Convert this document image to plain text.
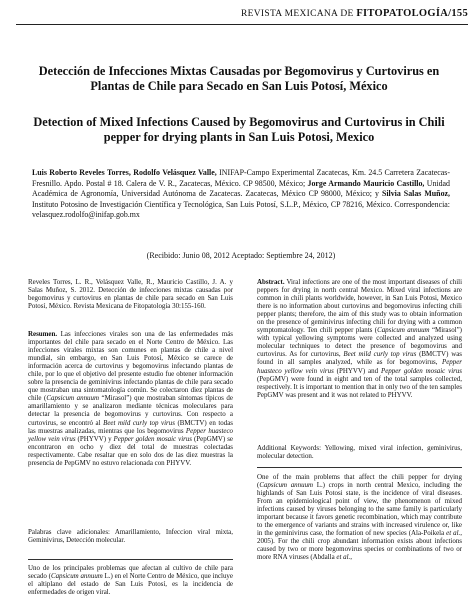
REVISTA MEXICANA DE FITOPATOLOGÍA/155
Detección de Infecciones Mixtas Causadas por Begomovirus y Curtovirus en Plantas de Chile para Secado en San Luis Potosí, México
Detection of Mixed Infections Caused by Begomovirus and Curtovirus in Chili pepper for drying plants in San Luis Potosi, Mexico
Luis Roberto Reveles Torres, Rodolfo Velásquez Valle, INIFAP-Campo Experimental Zacatecas, Km. 24.5 Carretera Zacatecas-Fresnillo. Apdo. Postal # 18. Calera de V. R., Zacatecas, México. CP 98500, México; Jorge Armando Mauricio Castillo, Unidad Académica de Agronomía, Universidad Autónoma de Zacatecas. Zacatecas, México CP 98000, México; y Silvia Salas Muñoz, Instituto Potosino de Investigación Científica y Tecnológica, San Luis Potosí, S.L.P., México, CP 78216, México. Correspondencia: velasquez.rodolfo@inifap.gob.mx
(Recibido: Junio 08, 2012 Aceptado: Septiembre 24, 2012)
Reveles Torres, L. R., Velásquez Valle, R., Mauricio Castillo, J. A. y Salas Muñoz, S. 2012. Detección de infecciones mixtas causadas por begomovirus y curtovirus en plantas de chile para secado en San Luis Potosí, México. Revista Mexicana de Fitopatología 30:155-160.
Resumen. Las infecciones virales son una de las enfermedades más importantes del chile para secado en el Norte Centro de México. Las infecciones virales mixtas son comunes en plantas de chile a nivel mundial, sin embargo, en San Luis Potosí, México se carece de información acerca de curtovirus y begomovirus infectando plantas de chile, por lo que el objetivo del presente estudio fue obtener información sobre la presencia de geminivirus infectando plantas de chile para secado que mostraban una sintomatología común. Se colectaron diez plantas de chile (Capsicum annuum “Mirasol”) que mostraban síntomas típicos de amarillamiento y se analizaron mediante técnicas moleculares para detectar la presencia de begomovirus y curtovirus. Con respecto a curtovirus, se encontró al Beet mild curly top virus (BMCTV) en todas las muestras analizadas, mientras que los begomovirus Pepper huasteco yellow vein virus (PHYVV) y Pepper golden mosaic virus (PepGMV) se encontraron en ocho y diez del total de muestras colectadas respectivamente. Cabe resaltar que en solo dos de las diez muestras la presencia de PepGMV no estuvo relacionada con PHYVV.
Palabras clave adicionales: Amarillamiento, Infeccion viral mixta, Geminivirus, Detección molecular.
Uno de los principales problemas que afectan al cultivo de chile para secado (Capsicum annuum L.) en el Norte Centro de México, que incluye el altiplano del estado de San Luis Potosí, es la incidencia de enfermedades de origen viral.
Abstract. Viral infections are one of the most important diseases of chili peppers for drying in north central Mexico. Mixed viral infections are common in chili plants worldwide, however, in San Luis Potosi, Mexico there is no information about curtovirus and begomovirus infecting chili pepper plants; therefore, the aim of this study was to obtain information on the presence of geminivirus infecting chili for drying with a common symptomatology. Ten chili pepper plants (Capsicum annuum “Mirasol”) with typical yellowing symptoms were collected and analyzed using molecular techniques to detect the presence of begomovirus and curtovirus. As for curtovirus, Beet mild curly top virus (BMCTV) was found in all samples analyzed, while as for begomovirus, Pepper huasteco yellow vein virus (PHYVV) and Pepper golden mosaic virus (PepGMV) were found in eight and ten of the total samples collected, respectively. It is important to mention that in only two of the ten samples PepGMV was present and it was not related to PHYVV.
Additional Keywords: Yellowing, mixed viral infection, geminivirus, molecular detection.
One of the main problems that affect the chili pepper for drying (Capsicum annuum L.) crops in north central Mexico, including the highlands of San Luis Potosi state, is the incidence of viral diseases. From an epidemiological point of view, the phenomenon of mixed infections caused by viruses belonging to the same family is particularly important because it favors genetic recombination, which may contribute to the emergence of variants and strains with increased virulence or, like in the geminivirus case, the formation of new species (Ala-Poikela et al., 2005). For the chili crop abundant information exists about infections caused by two or more begomovirus species or combinations of two or more RNA viruses (Abdalla et al.,
